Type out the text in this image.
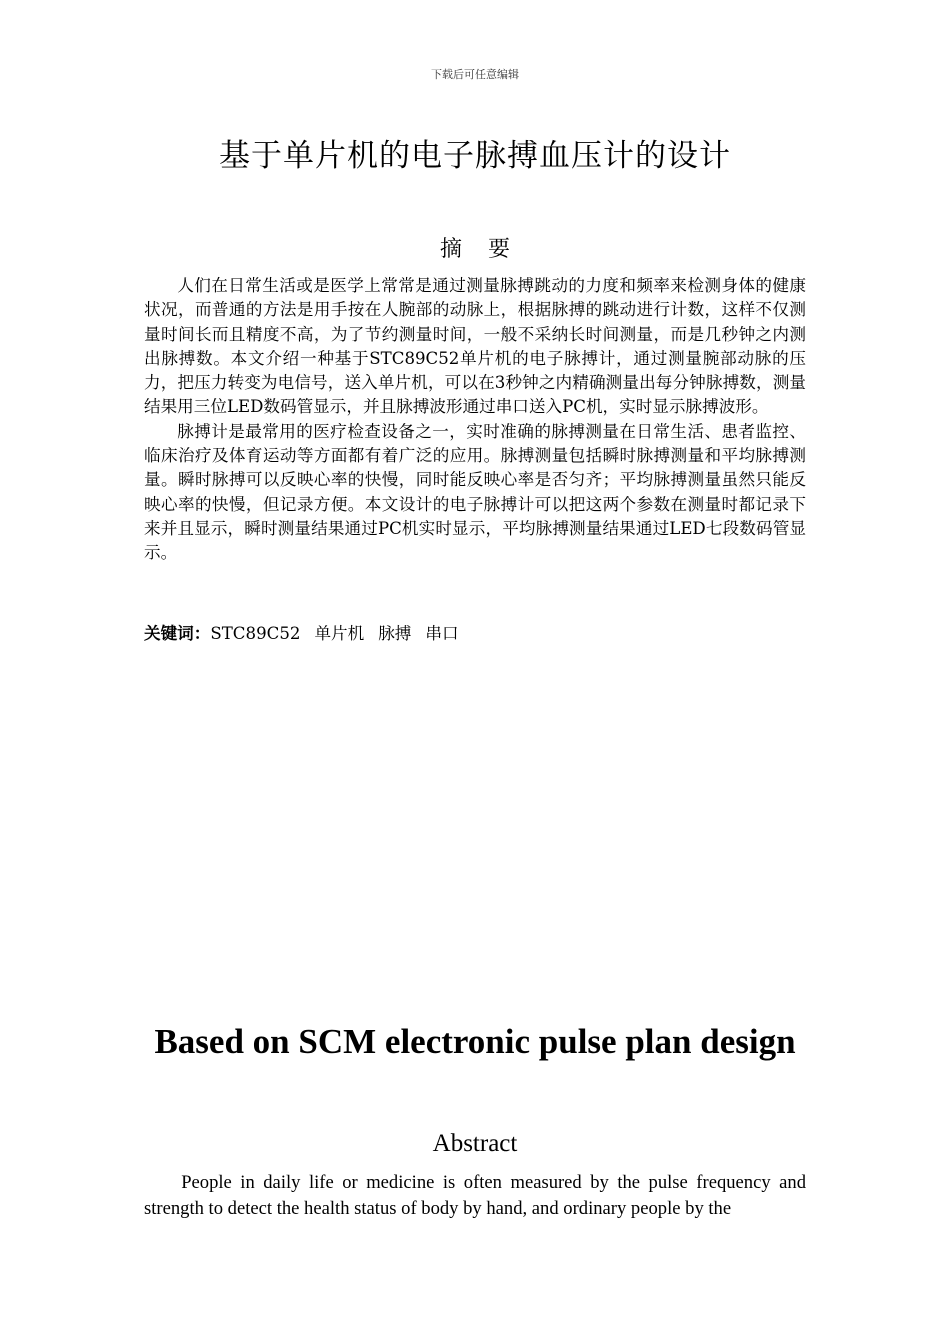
下载后可任意编辑
基于单片机的电子脉搏血压计的设计
摘要

人们在日常生活或是医学上常常是通过测量脉搏跳动的力度和频率来检测身体的健康状况，而普通的方法是用手按在人腕部的动脉上，根据脉搏的跳动进行计数，这样不仅测量时间长而且精度不高，为了节约测量时间，一般不采纳长时间测量，而是几秒钟之内测出脉搏数。本文介绍一种基于STC89C52单片机的电子脉搏计，通过测量腕部动脉的压力，把压力转变为电信号，送入单片机，可以在3秒钟之内精确测量出每分钟脉搏数，测量结果用三位LED数码管显示，并且脉搏波形通过串口送入PC机，实时显示脉搏波形。

脉搏计是最常用的医疗检查设备之一，实时准确的脉搏测量在日常生活、患者监控、临床治疗及体育运动等方面都有着广泛的应用。脉搏测量包括瞬时脉搏测量和平均脉搏测量。瞬时脉搏可以反映心率的快慢，同时能反映心率是否匀齐；平均脉搏测量虽然只能反映心率的快慢，但记录方便。本文设计的电子脉搏计可以把这两个参数在测量时都记录下来并且显示，瞬时测量结果通过PC机实时显示，平均脉搏测量结果通过LED七段数码管显示。

关键词：STC89C52 单片机 脉搏 串口
Based on SCM electronic pulse plan design
Abstract

People in daily life or medicine is often measured by the pulse frequency and strength to detect the health status of body by hand, and ordinary people by the
